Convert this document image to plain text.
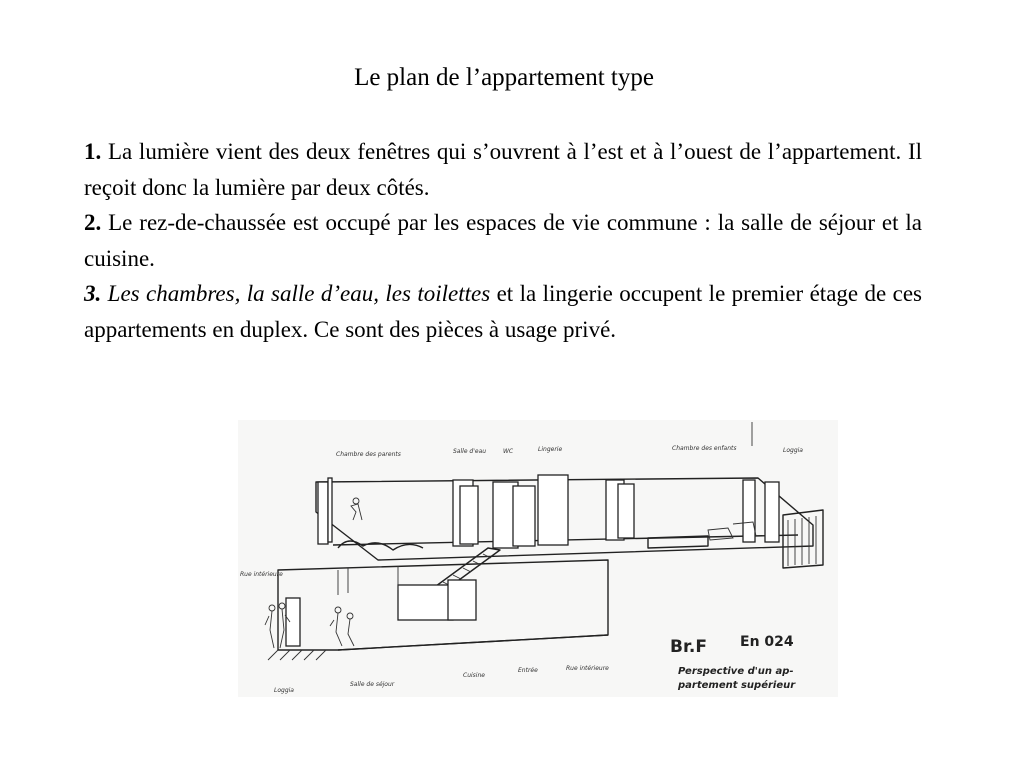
Le plan de l’appartement type

1. La lumière vient des deux fenêtres qui s’ouvrent à l’est et à l’ouest de l’appartement. Il reçoit donc la lumière par deux côtés.

2. Le rez-de-chaussée est occupé par les espaces de vie commune : la salle de séjour et la cuisine.

3. Les chambres, la salle d’eau, les toilettes et la lingerie occupent le premier étage de ces appartements en duplex. Ce sont des pièces à usage privé.

Chambre des parents	Salle d'eau	WC	Lingerie	Chambre des enfants	Loggia
Rue intérieure
Loggia
Salle de séjour
Cuisine
Entrée	Rue intérieure
Br.F En 024
Perspective d'un ap-
partement supérieur
